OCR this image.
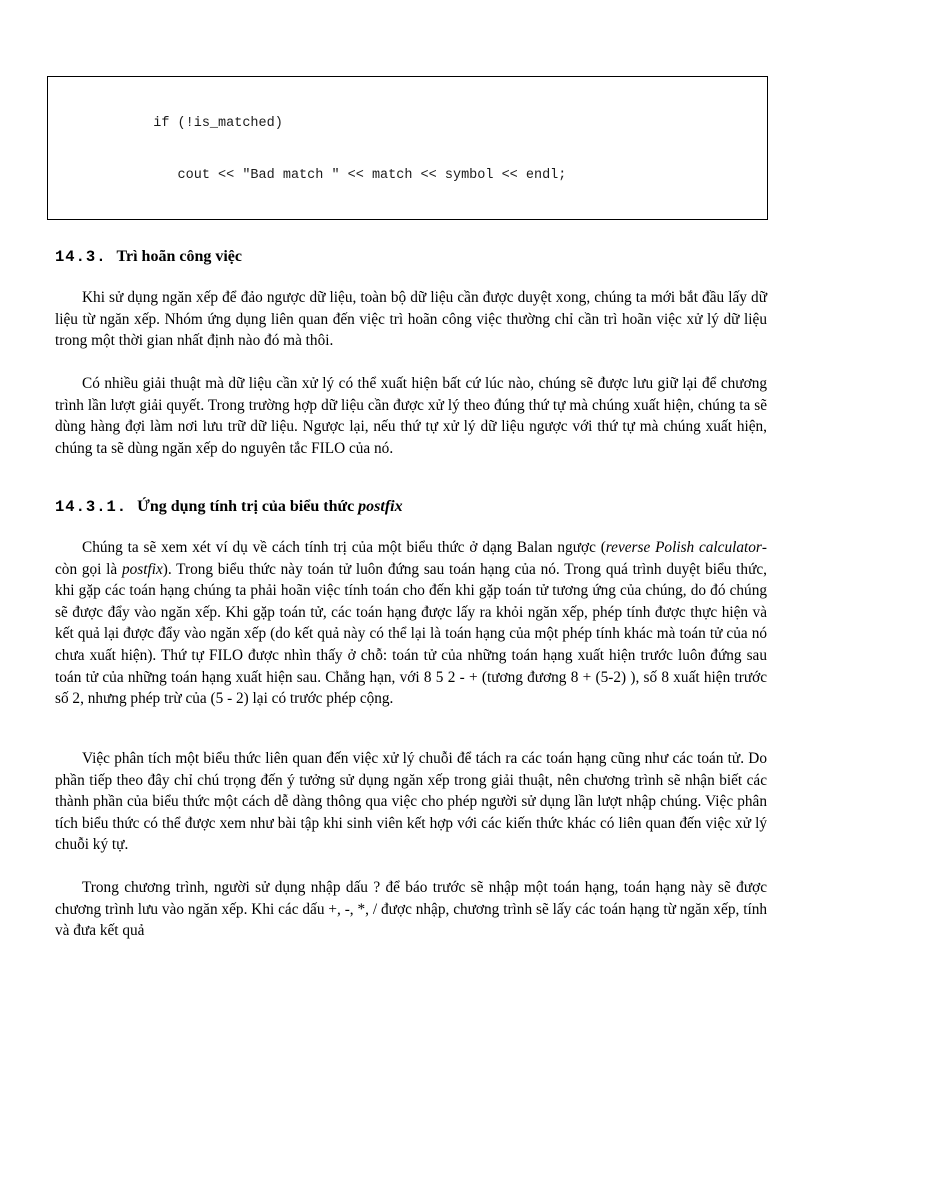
if (!is_matched)

cout << "Bad match " << match << symbol << endl;

14.3. Trì hoãn công việc

Khi sử dụng ngăn xếp để đảo ngược dữ liệu, toàn bộ dữ liệu cần được duyệt xong, chúng ta mới bắt đầu lấy dữ liệu từ ngăn xếp. Nhóm ứng dụng liên quan đến việc trì hoãn công việc thường chỉ cần trì hoãn việc xử lý dữ liệu trong một thời gian nhất định nào đó mà thôi.

Có nhiều giải thuật mà dữ liệu cần xử lý có thể xuất hiện bất cứ lúc nào, chúng sẽ được lưu giữ lại để chương trình lần lượt giải quyết. Trong trường hợp dữ liệu cần được xử lý theo đúng thứ tự mà chúng xuất hiện, chúng ta sẽ dùng hàng đợi làm nơi lưu trữ dữ liệu. Ngược lại, nếu thứ tự xử lý dữ liệu ngược với thứ tự mà chúng xuất hiện, chúng ta sẽ dùng ngăn xếp do nguyên tắc FILO của nó.

14.3.1. Ứng dụng tính trị của biểu thức postfix

Chúng ta sẽ xem xét ví dụ về cách tính trị của một biểu thức ở dạng Balan ngược (reverse Polish calculator- còn gọi là postfix). Trong biểu thức này toán tử luôn đứng sau toán hạng của nó. Trong quá trình duyệt biểu thức, khi gặp các toán hạng chúng ta phải hoãn việc tính toán cho đến khi gặp toán tử tương ứng của chúng, do đó chúng sẽ được đẩy vào ngăn xếp. Khi gặp toán tử, các toán hạng được lấy ra khỏi ngăn xếp, phép tính được thực hiện và kết quả lại được đẩy vào ngăn xếp (do kết quả này có thể lại là toán hạng của một phép tính khác mà toán tử của nó chưa xuất hiện). Thứ tự FILO được nhìn thấy ở chỗ: toán tử của những toán hạng xuất hiện trước luôn đứng sau toán tử của những toán hạng xuất hiện sau. Chẳng hạn, với 8 5 2 - + (tương đương 8 + (5-2) ), số 8 xuất hiện trước số 2, nhưng phép trừ của (5 - 2) lại có trước phép cộng.

Việc phân tích một biểu thức liên quan đến việc xử lý chuỗi để tách ra các toán hạng cũng như các toán tử. Do phần tiếp theo đây chỉ chú trọng đến ý tưởng sử dụng ngăn xếp trong giải thuật, nên chương trình sẽ nhận biết các thành phần của biểu thức một cách dễ dàng thông qua việc cho phép người sử dụng lần lượt nhập chúng. Việc phân tích biểu thức có thể được xem như bài tập khi sinh viên kết hợp với các kiến thức khác có liên quan đến việc xử lý chuỗi ký tự.

Trong chương trình, người sử dụng nhập dấu ? để báo trước sẽ nhập một toán hạng, toán hạng này sẽ được chương trình lưu vào ngăn xếp. Khi các dấu +, -, *, / được nhập, chương trình sẽ lấy các toán hạng từ ngăn xếp, tính và đưa kết quả
